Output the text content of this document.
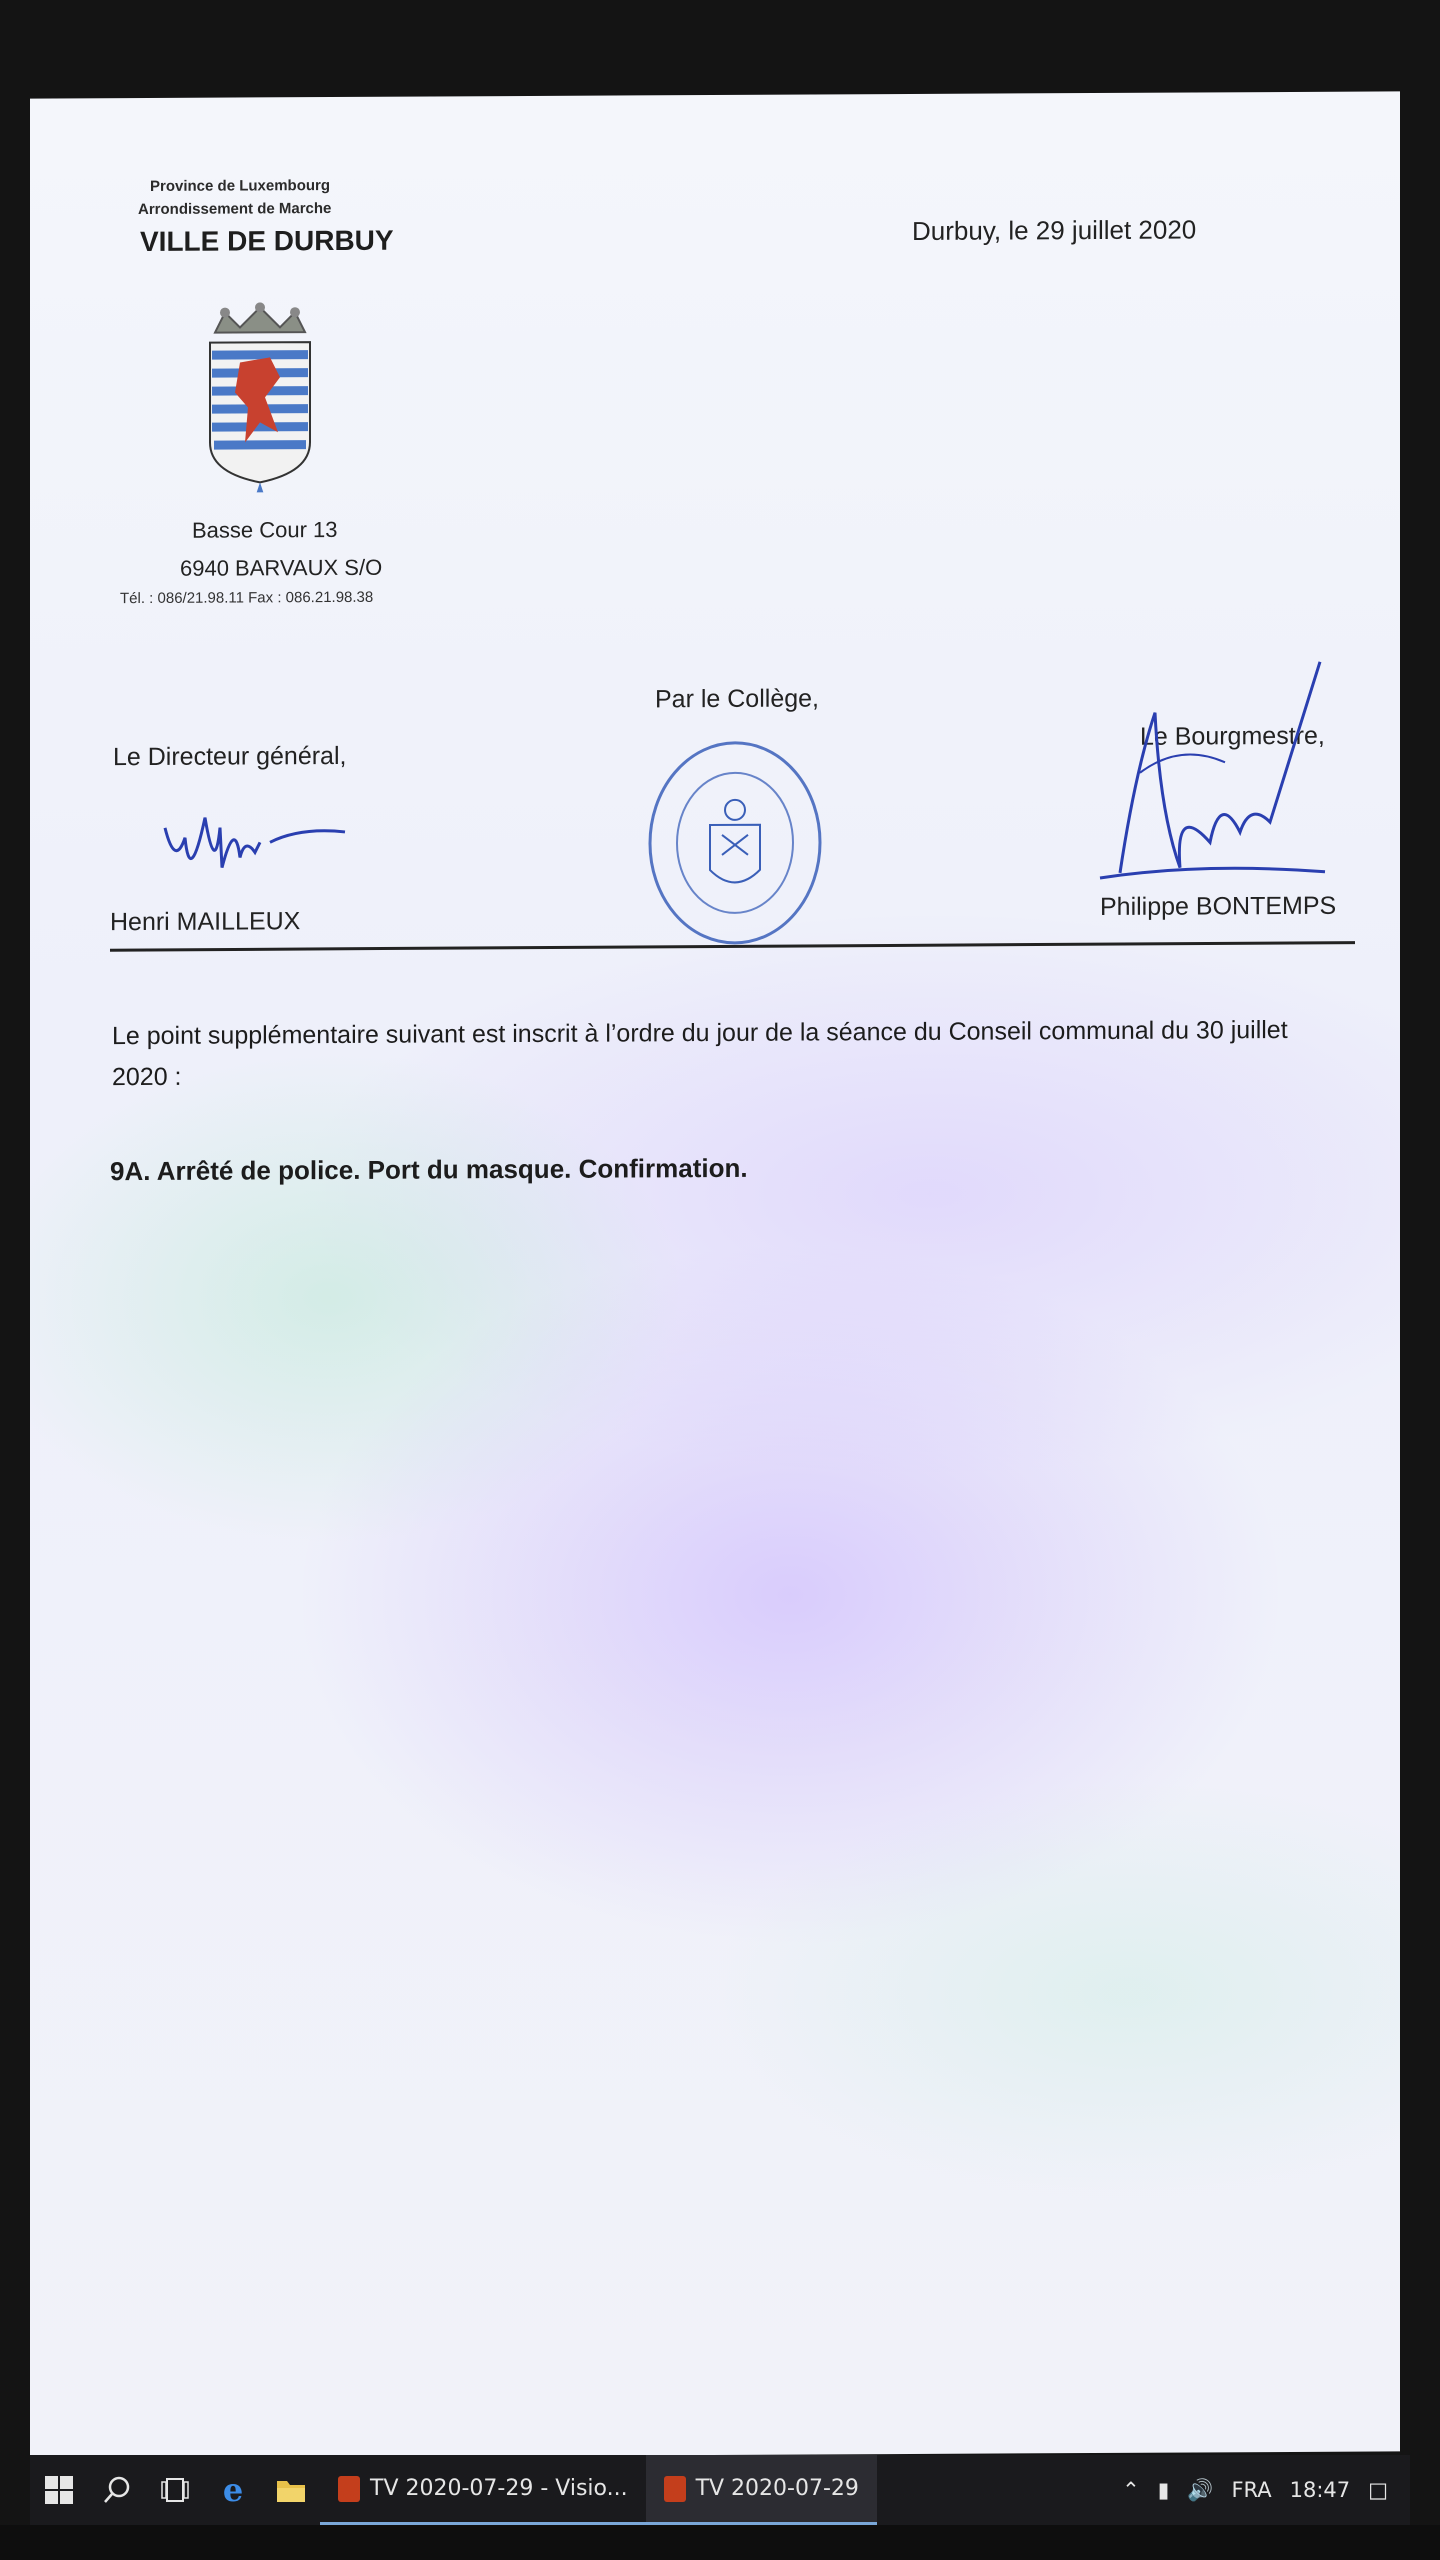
Province de Luxembourg
Arrondissement de Marche
VILLE DE DURBUY	Durbuy, le 29 juillet 2020
Basse Cour 13
6940 BARVAUX S/O
Tél. : 086/21.98.11 Fax : 086.21.98.38
Par le Collège,
Le Directeur général,
Le Bourgmestre,
Henri MAILLEUX
Philippe BONTEMPS
Le point supplémentaire suivant est inscrit à l’ordre du jour de la séance du Conseil communal du 30 juillet 2020 :
9A. Arrêté de police. Port du masque. Confirmation.
e	TV 2020-07-29 - Visio...	TV 2020-07-29	⌃ ▮ 🔊 FRA 18:47 □
